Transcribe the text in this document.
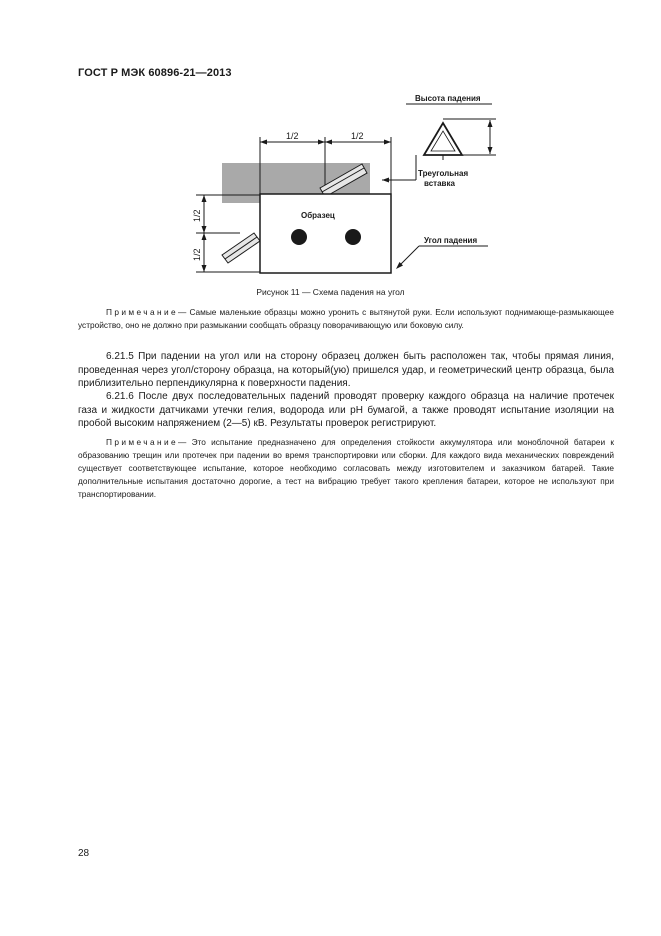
ГОСТ Р МЭК 60896-21—2013
1/2	1/2
1/2
1/2
Образец
Высота падения
Треугольная
вставка
Угол падения
Рисунок 11 — Схема падения на угол
Примечание— Самые маленькие образцы можно уронить с вытянутой руки. Если используют поднимающе-размыкающее устройство, оно не должно при размыкании сообщать образцу поворачивающую или боковую силу.
6.21.5 При падении на угол или на сторону образец должен быть расположен так, чтобы прямая линия, проведенная через угол/сторону образца, на который(ую) пришелся удар, и геометрический центр образца, была приблизительно перпендикулярна к поверхности падения.
6.21.6 После двух последовательных падений проводят проверку каждого образца на наличие протечек газа и жидкости датчиками утечки гелия, водорода или pH бумагой, а также проводят испытание изоляции на пробой высоким напряжением (2—5) кВ. Результаты проверок регистрируют.
Примечание— Это испытание предназначено для определения стойкости аккумулятора или моноблочной батареи к образованию трещин или протечек при падении во время транспортировки или сборки. Для каждого вида механических повреждений существует соответствующее испытание, которое необходимо согласовать между изготовителем и заказчиком батарей. Такие дополнительные испытания достаточно дорогие, а тест на вибрацию требует такого крепления батареи, которое не используют при транспортировании.
28
